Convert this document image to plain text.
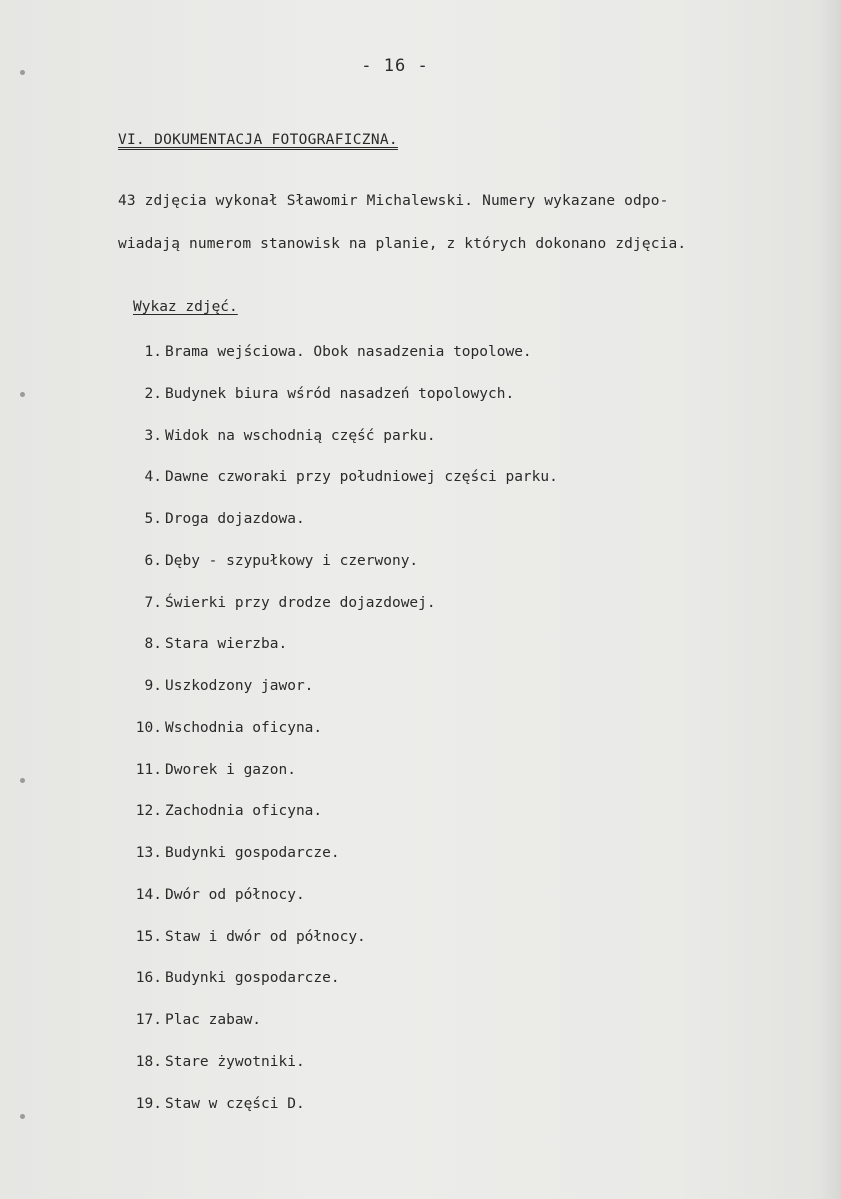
- 16 -
VI. DOKUMENTACJA FOTOGRAFICZNA.
43 zdjęcia wykonał Sławomir Michalewski. Numery wykazane odpo-
wiadają numerom stanowisk na planie, z których dokonano zdjęcia.
Wykaz zdjęć.
1. Brama wejściowa. Obok nasadzenia topolowe.
2. Budynek biura wśród nasadzeń topolowych.
3. Widok na wschodnią część parku.
4. Dawne czworaki przy południowej części parku.
5. Droga dojazdowa.
6. Dęby - szypułkowy i czerwony.
7. Świerki przy drodze dojazdowej.
8. Stara wierzba.
9. Uszkodzony jawor.
10. Wschodnia oficyna.
11. Dworek i gazon.
12. Zachodnia oficyna.
13. Budynki gospodarcze.
14. Dwór od północy.
15. Staw i dwór od północy.
16. Budynki gospodarcze.
17. Plac zabaw.
18. Stare żywotniki.
19. Staw w części D.
